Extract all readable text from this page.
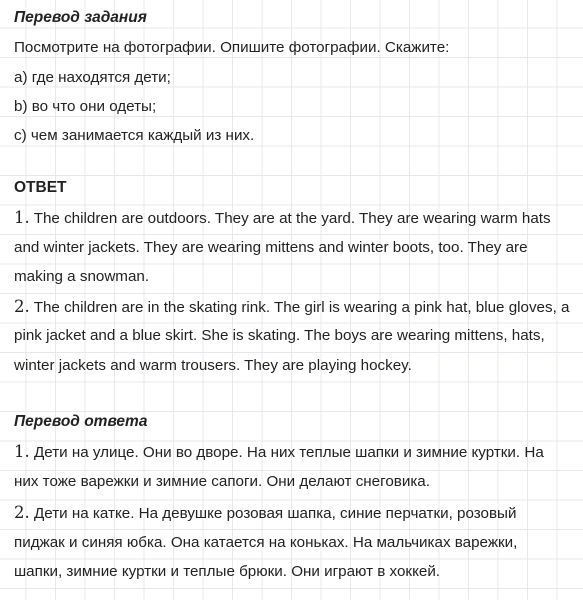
Перевод задания
Посмотрите на фотографии. Опишите фотографии. Скажите:
a) где находятся дети;
b) во что они одеты;
c) чем занимается каждый из них.
ОТВЕТ
1. The children are outdoors. They are at the yard. They are wearing warm hats
and winter jackets. They are wearing mittens and winter boots, too. They are
making a snowman.
2. The children are in the skating rink. The girl is wearing a pink hat, blue gloves, a
pink jacket and a blue skirt. She is skating. The boys are wearing mittens, hats,
winter jackets and warm trousers. They are playing hockey.
Перевод ответа
1. Дети на улице. Они во дворе. На них теплые шапки и зимние куртки. На
них тоже варежки и зимние сапоги. Они делают снеговика.
2. Дети на катке. На девушке розовая шапка, синие перчатки, розовый
пиджак и синяя юбка. Она катается на коньках. На мальчиках варежки,
шапки, зимние куртки и теплые брюки. Они играют в хоккей.
